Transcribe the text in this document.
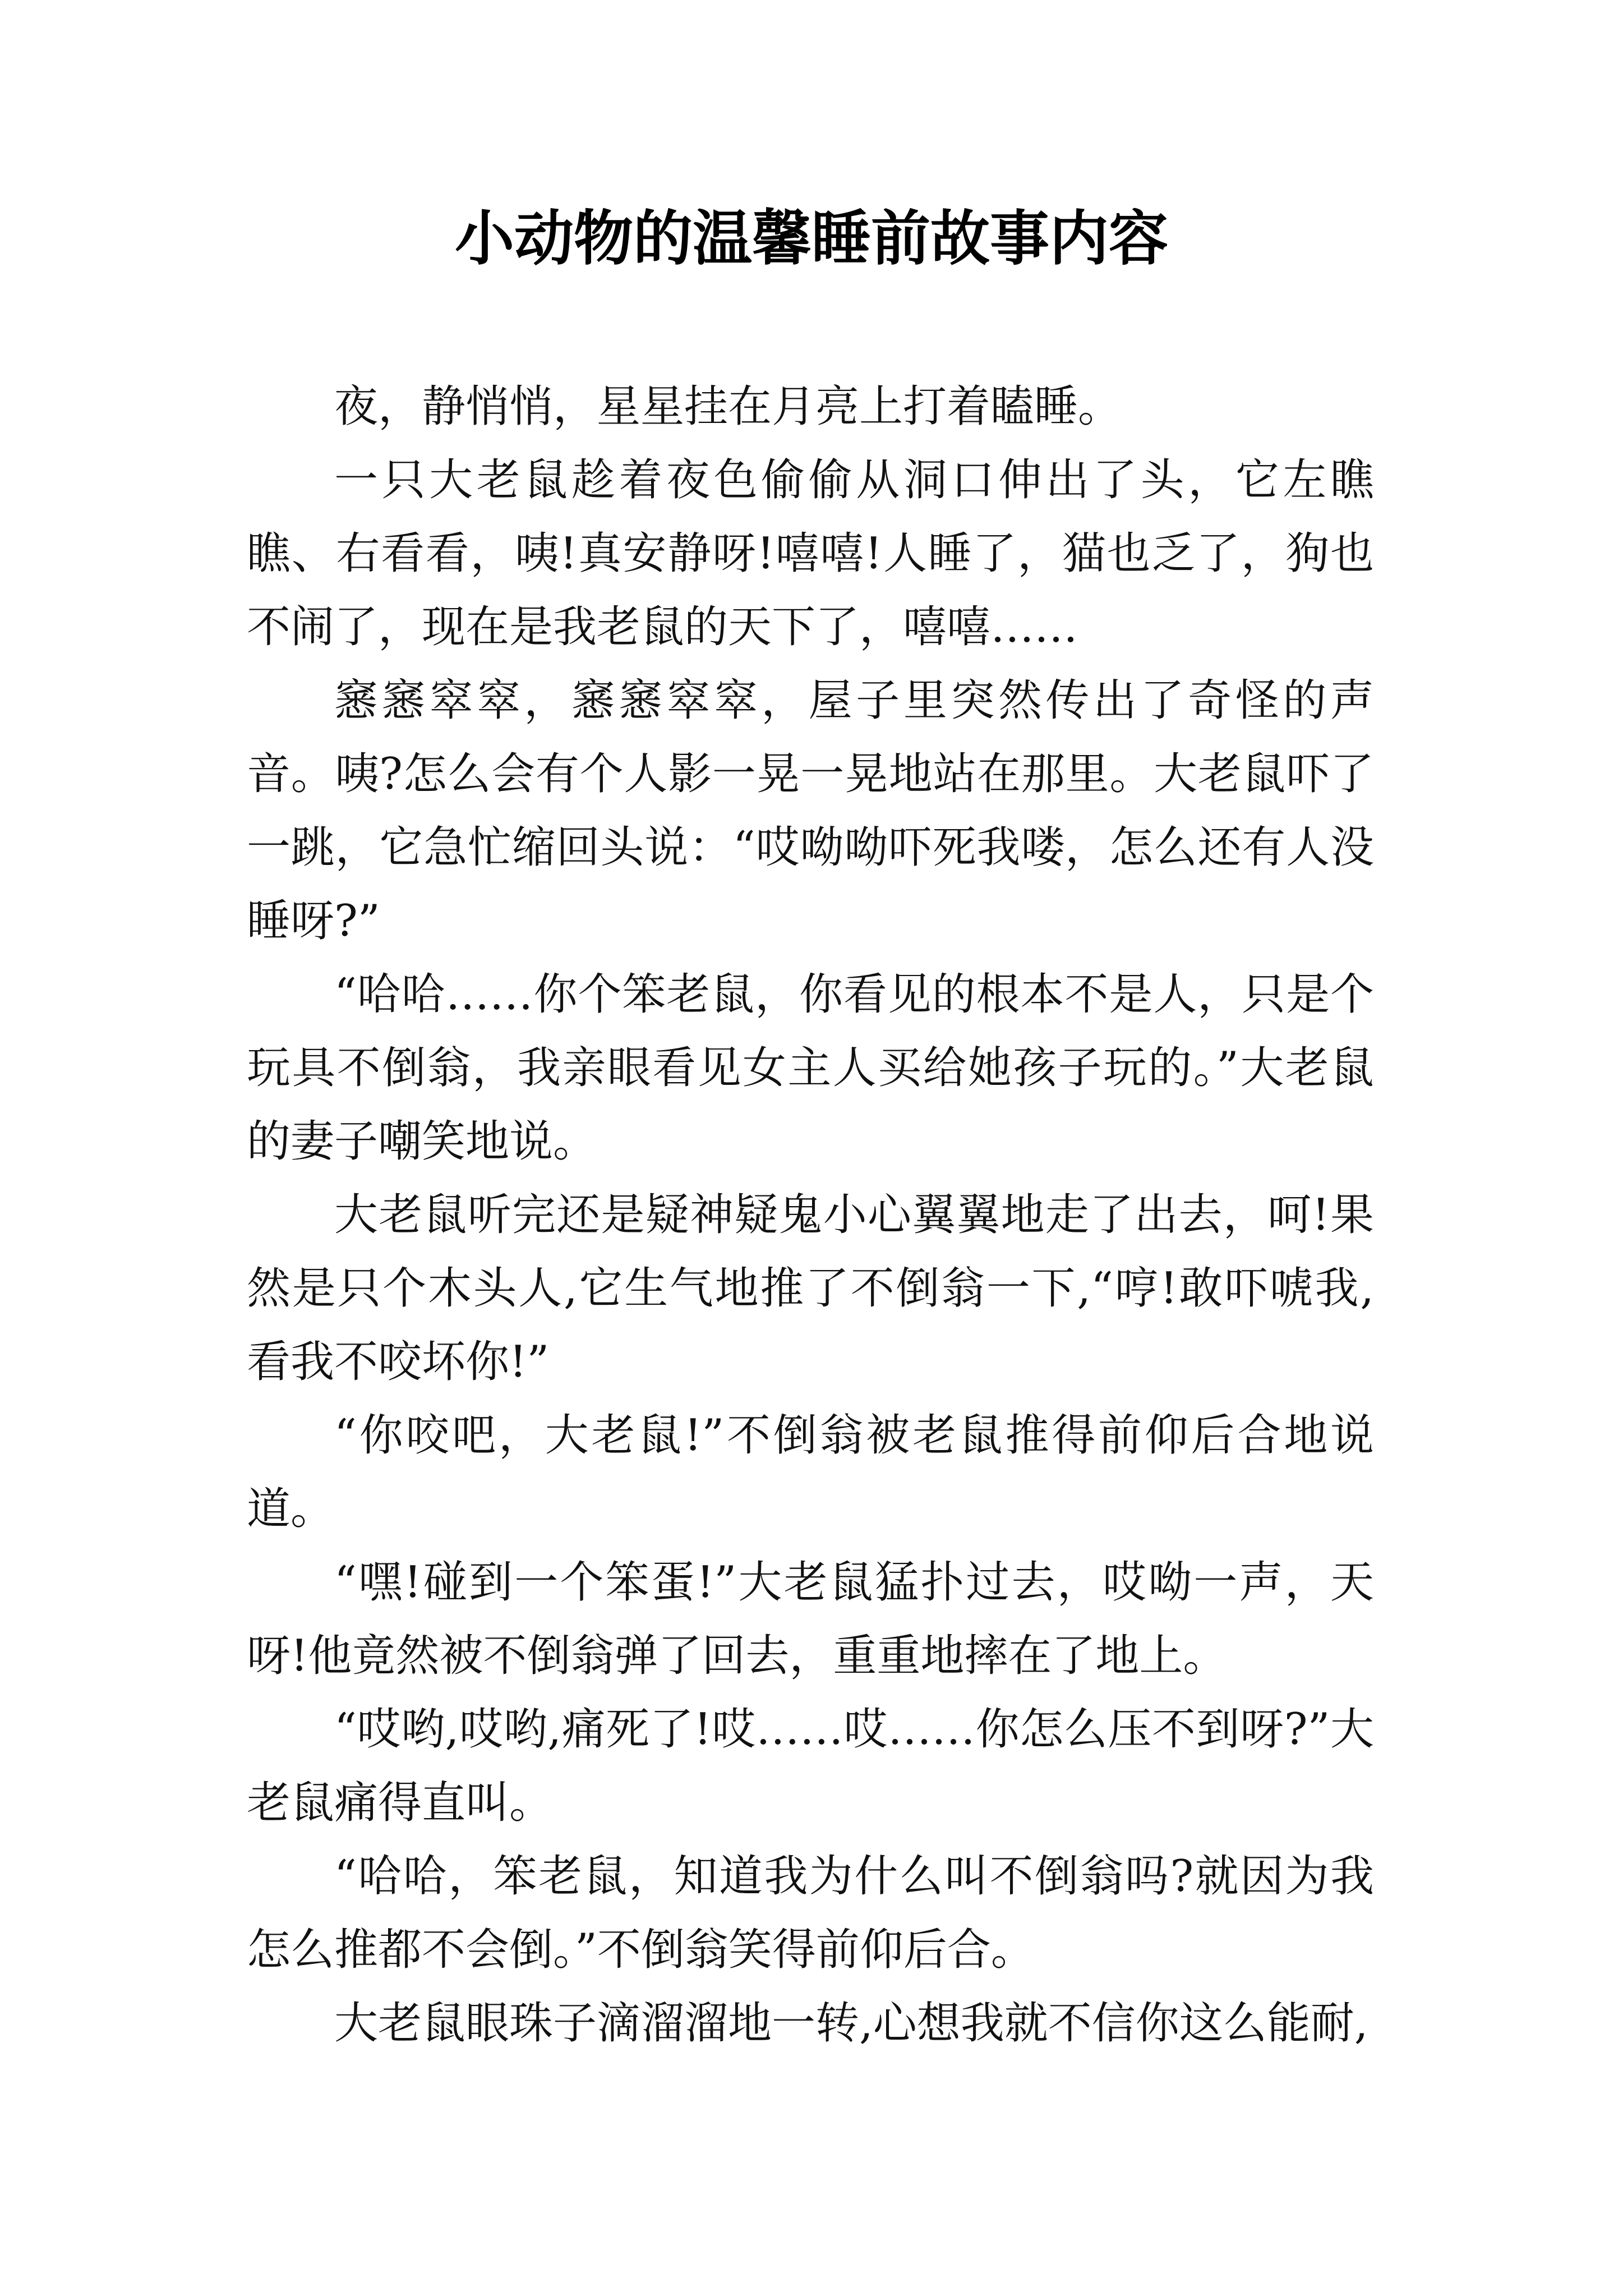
小动物的温馨睡前故事内容

夜，静悄悄，星星挂在月亮上打着瞌睡。

一只大老鼠趁着夜色偷偷从洞口伸出了头，它左瞧瞧、右看看，咦!真安静呀!嘻嘻!人睡了，猫也乏了，狗也不闹了，现在是我老鼠的天下了，嘻嘻……

窸窸窣窣，窸窸窣窣，屋子里突然传出了奇怪的声音。咦?怎么会有个人影一晃一晃地站在那里。大老鼠吓了一跳，它急忙缩回头说：“哎呦呦吓死我喽，怎么还有人没睡呀?”

“哈哈……你个笨老鼠，你看见的根本不是人，只是个玩具不倒翁，我亲眼看见女主人买给她孩子玩的。”大老鼠的妻子嘲笑地说。

大老鼠听完还是疑神疑鬼小心翼翼地走了出去，呵!果然是只个木头人,它生气地推了不倒翁一下,“哼!敢吓唬我,看我不咬坏你!”

“你咬吧，大老鼠!”不倒翁被老鼠推得前仰后合地说道。

“嘿!碰到一个笨蛋!”大老鼠猛扑过去，哎呦一声，天呀!他竟然被不倒翁弹了回去，重重地摔在了地上。

“哎哟,哎哟,痛死了!哎……哎……你怎么压不到呀?”大老鼠痛得直叫。

“哈哈，笨老鼠，知道我为什么叫不倒翁吗?就因为我怎么推都不会倒。”不倒翁笑得前仰后合。

大老鼠眼珠子滴溜溜地一转,心想我就不信你这么能耐,
